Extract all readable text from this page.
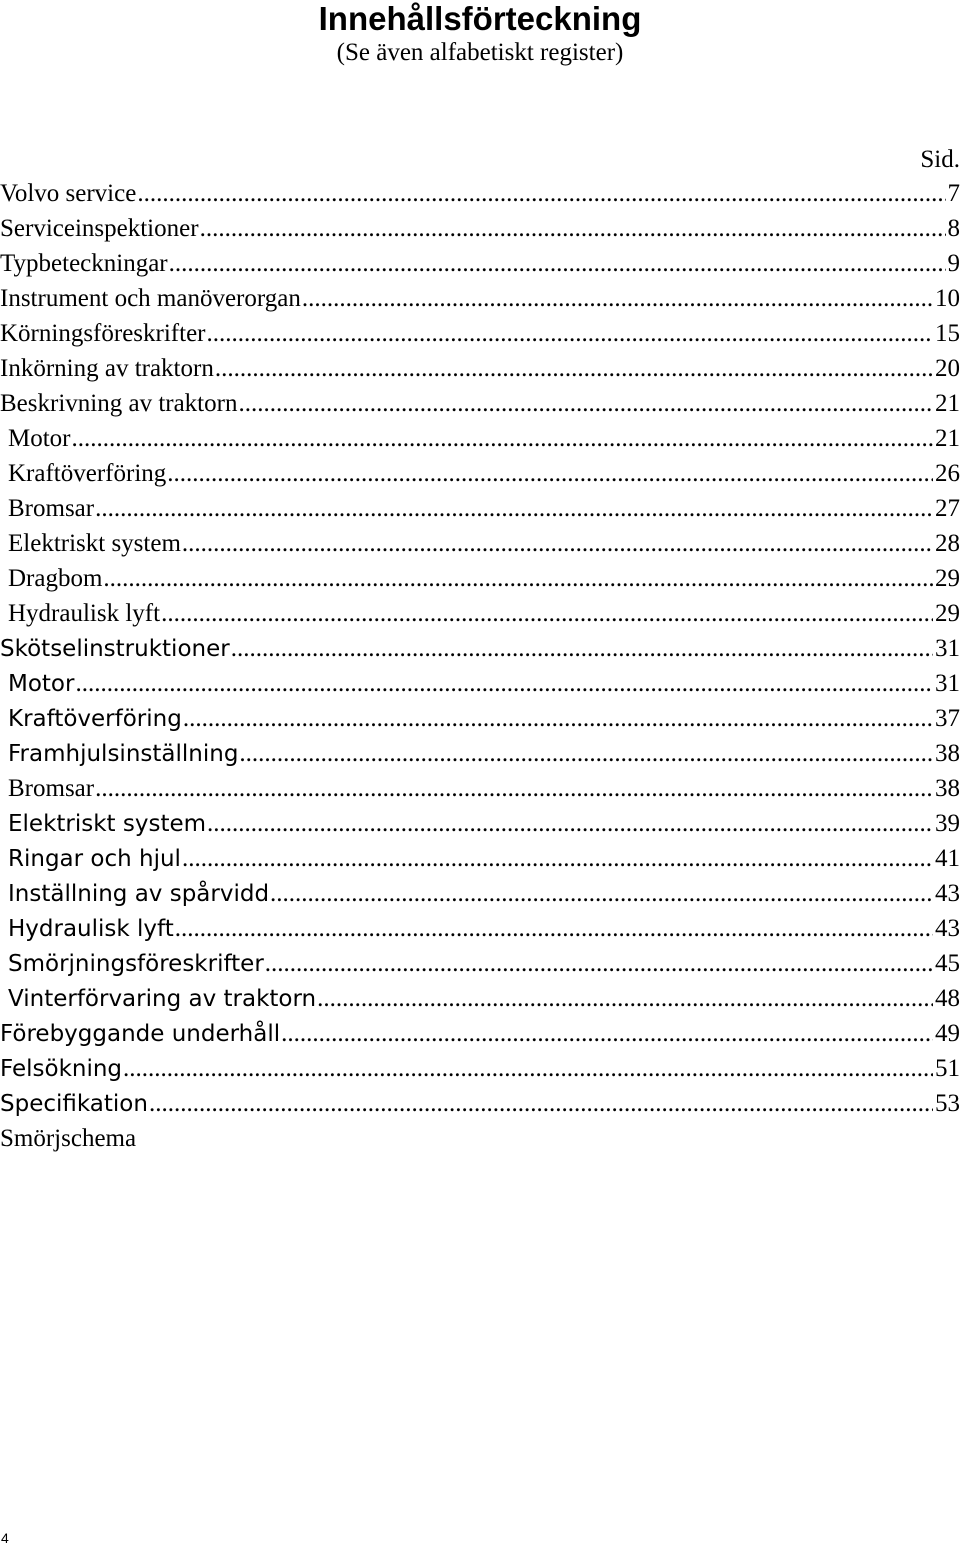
Innehållsförteckning
(Se även alfabetiskt register)
Sid.
Volvo service .....	7
Serviceinspektioner .....	8
Typbeteckningar .....	9
Instrument och manöverorgan .....	10
Körningsföreskrifter .....	15
Inkörning av traktorn .....	20
Beskrivning av traktorn .....	21
Motor .....	21
Kraftöverföring .....	26
Bromsar .....	27
Elektriskt system .....	28
Dragbom .....	29
Hydraulisk lyft .....	29
Skötselinstruktioner .....	31
Motor .....	31
Kraftöverföring .....	37
Framhjulsinställning .....	38
Bromsar .....	38
Elektriskt system .....	39
Ringar och hjul .....	41
Inställning av spårvidd .....	43
Hydraulisk lyft .....	43
Smörjningsföreskrifter .....	45
Vinterförvaring av traktorn .....	48
Förebyggande underhåll .....	49
Felsökning .....	51
Specifikation .....	53
Smörjschema
4
